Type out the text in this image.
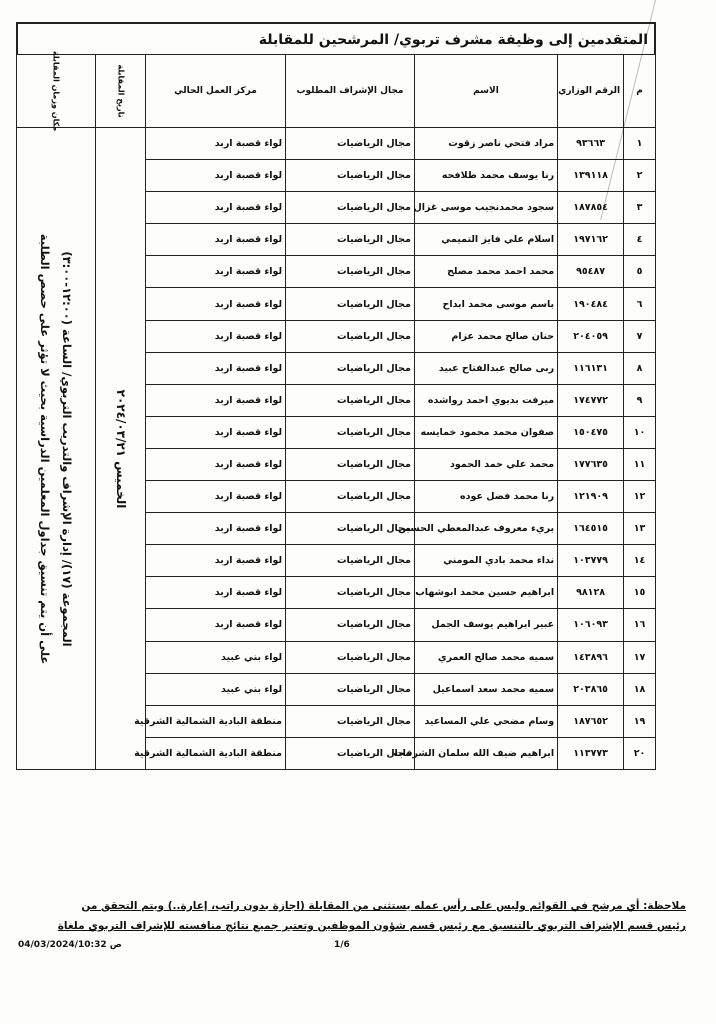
المتقدمين إلى وظيفة مشرف تربوي/ المرشحين للمقابلة
م	الرقم الوزاري	الاسم	مجال الإشراف المطلوب	مركز العمل الحالي	تاريخ المقابلة	مكان وزمان المقابلة

١	٩٣٦٦٣	مراد فتحي ناصر زقوت	مجال الرياضيات	لواء قصبة اربد	الخميس ٢٠٢٤/٠٣/٢١	المجموعة (١٧)/ إدارة الإشراف والتدريب التربوي/ الساعة (١٢:٠٠-٣:٠٠)
على أن يتم تنسيق جداول المعلمين الدراسية بحيث لا تؤثر على حصص الطلبة

٢	١٣٩١١٨	رنا يوسف محمد طلافحه	مجال الرياضيات	لواء قصبة اربد		
٣	١٨٧٨٥٤	سجود محمدنجيب موسى غزال	مجال الرياضيات	لواء قصبة اربد		
٤	١٩٧١٦٢	اسلام علي فايز التميمي	مجال الرياضيات	لواء قصبة اربد		
٥	٩٥٤٨٧	محمد احمد محمد مصلح	مجال الرياضيات	لواء قصبة اربد		
٦	١٩٠٤٨٤	باسم موسى محمد ابداح	مجال الرياضيات	لواء قصبة اربد		
٧	٢٠٤٠٥٩	حنان صالح محمد عزام	مجال الرياضيات	لواء قصبة اربد		
٨	١١٦١٣١	ربى صالح عبدالفتاح عبيد	مجال الرياضيات	لواء قصبة اربد		
٩	١٧٤٧٧٢	ميرفت بديوي احمد رواشده	مجال الرياضيات	لواء قصبة اربد		
١٠	١٥٠٤٧٥	صفوان محمد محمود خمايسه	مجال الرياضيات	لواء قصبة اربد		
١١	١٧٧٦٣٥	محمد علي حمد الحمود	مجال الرياضيات	لواء قصبة اربد		
١٢	١٢١٩٠٩	رنا محمد فضل عوده	مجال الرياضيات	لواء قصبة اربد		
١٣	١٦٤٥١٥	بريء معروف عبدالمعطي الحسين	مجال الرياضيات	لواء قصبة اربد		
١٤	١٠٣٧٧٩	نداء محمد بادي المومني	مجال الرياضيات	لواء قصبة اربد		
١٥	٩٨١٢٨	ابراهيم حسين محمد ابوشهاب	مجال الرياضيات	لواء قصبة اربد		
١٦	١٠٦٠٩٣	عبير ابراهيم يوسف الجمل	مجال الرياضيات	لواء قصبة اربد		
١٧	١٤٣٨٩٦	سميه محمد صالح العمري	مجال الرياضيات	لواء بني عبيد		
١٨	٢٠٣٨٦٥	سميه محمد سعد اسماعيل	مجال الرياضيات	لواء بني عبيد		
١٩	١٨٧٦٥٢	وسام مضحي علي المساعيد	مجال الرياضيات	منطقة البادية الشمالية الشرقية		
٢٠	١١٣٧٧٣	ابراهيم ضيف الله سلمان الشرفات	مجال الرياضيات	منطقة البادية الشمالية الشرقية		
ملاحظة: أي مرشح في القوائم وليس على رأس عمله يستثنى من المقابلة (اجازة بدون راتب، إعارة..) ويتم التحقق من
رئيس قسم الإشراف التربوي بالتنسيق مع رئيس قسم شؤون الموظفين وتعتبر جميع نتائج منافسته للإشراف التربوي ملغاة
1/6
04/03/2024/10:32 ص
